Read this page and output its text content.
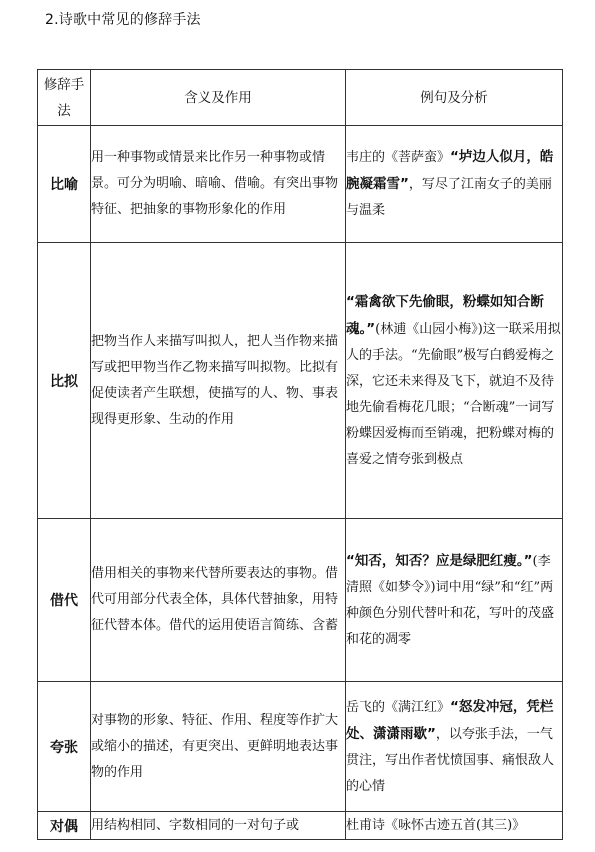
2.诗歌中常见的修辞手法
修辞手法	含义及作用	例句及分析
比喻	用一种事物或情景来比作另一种事物或情景。可分为明喻、暗喻、借喻。有突出事物特征、把抽象的事物形象化的作用	韦庄的《菩萨蛮》“垆边人似月，皓腕凝霜雪”，写尽了江南女子的美丽与温柔
比拟	把物当作人来描写叫拟人，把人当作物来描写或把甲物当作乙物来描写叫拟物。比拟有促使读者产生联想，使描写的人、物、事表现得更形象、生动的作用	“霜禽欲下先偷眼，粉蝶如知合断魂。”(林逋《山园小梅》)这一联采用拟人的手法。“先偷眼”极写白鹤爱梅之深，它还未来得及飞下，就迫不及待地先偷看梅花几眼；“合断魂”一词写粉蝶因爱梅而至销魂，把粉蝶对梅的喜爱之情夸张到极点
借代	借用相关的事物来代替所要表达的事物。借代可用部分代表全体，具体代替抽象，用特征代替本体。借代的运用使语言简练、含蓄	“知否，知否？应是绿肥红瘦。”(李清照《如梦令》)词中用“绿”和“红”两种颜色分别代替叶和花，写叶的茂盛和花的凋零
夸张	对事物的形象、特征、作用、程度等作扩大或缩小的描述，有更突出、更鲜明地表达事物的作用	岳飞的《满江红》“怒发冲冠，凭栏处、潇潇雨歇”，以夸张手法，一气贯注，写出作者忧愤国事、痛恨敌人的心情
对偶	用结构相同、字数相同的一对句子或	杜甫诗《咏怀古迹五首(其三)》
